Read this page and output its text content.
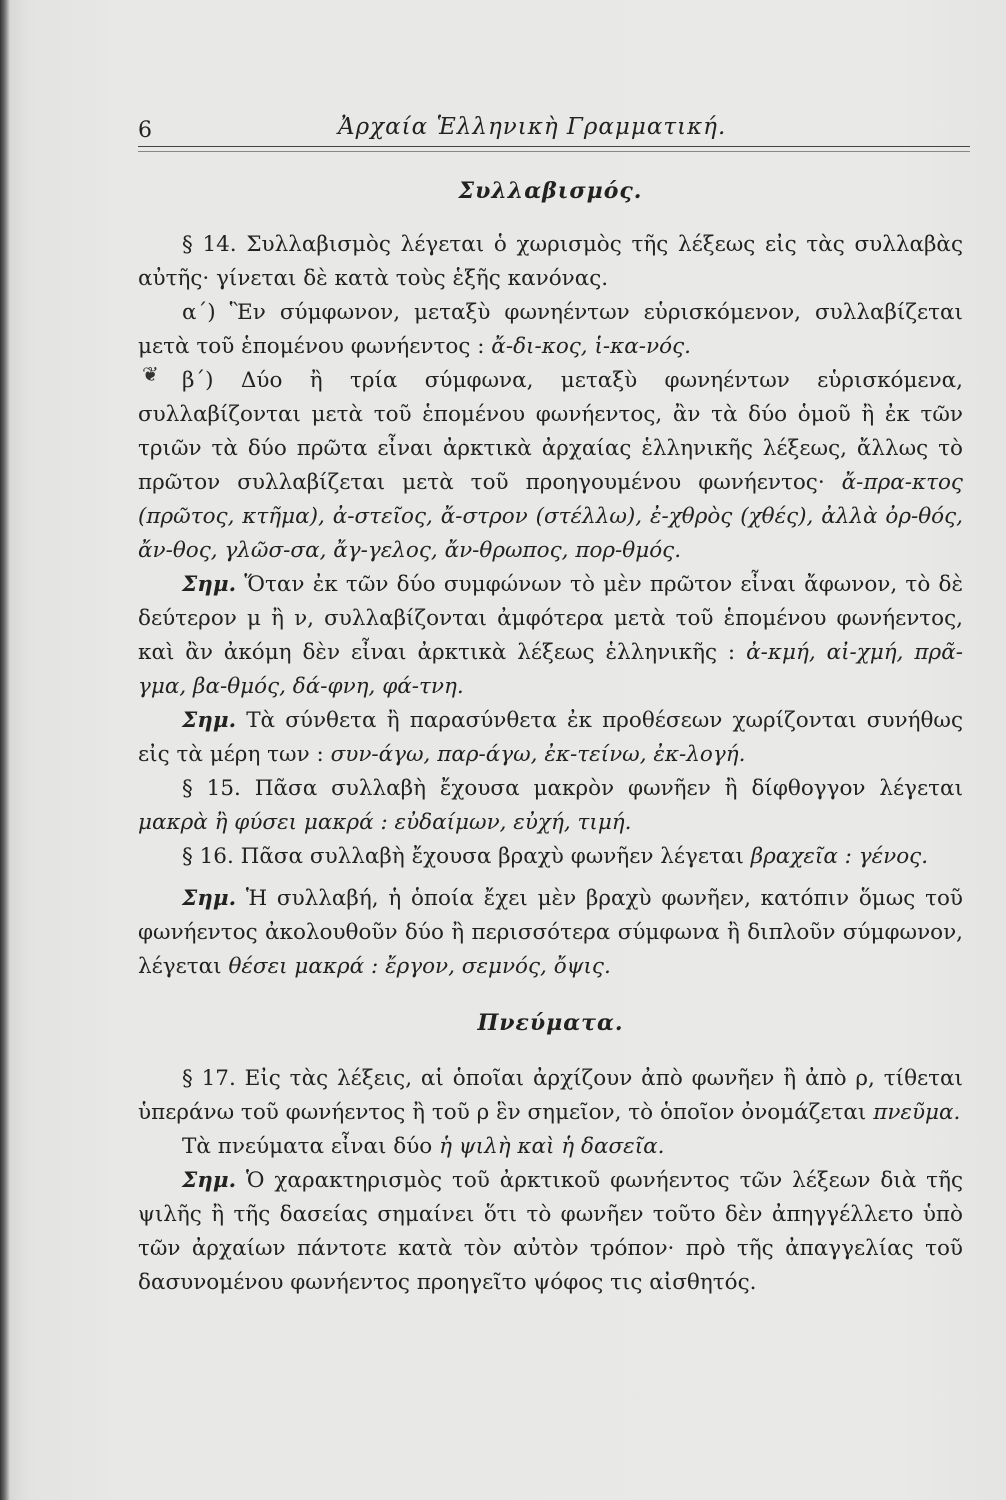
6	Ἀρχαία Ἑλληνικὴ Γραμματική.
❦
Συλλαβισμός.

§ 14. Συλλαβισμὸς λέγεται ὁ χωρισμὸς τῆς λέξεως εἰς τὰς συλλαβὰς αὐτῆς· γίνεται δὲ κατὰ τοὺς ἑξῆς κανόνας.

α΄) Ἓν σύμφωνον, μεταξὺ φωνηέντων εὑρισκόμενον, συλλαβίζεται μετὰ τοῦ ἑπομένου φωνήεντος : ἄ-δι-κος, ἱ-κα-νός.

β΄) Δύο ἢ τρία σύμφωνα, μεταξὺ φωνηέντων εὑρισκόμενα, συλλαβίζονται μετὰ τοῦ ἑπομένου φωνήεντος, ἂν τὰ δύο ὁμοῦ ἢ ἐκ τῶν τριῶν τὰ δύο πρῶτα εἶναι ἀρκτικὰ ἀρχαίας ἑλληνικῆς λέξεως, ἄλλως τὸ πρῶτον συλλαβίζεται μετὰ τοῦ προηγουμένου φωνήεντος· ἄ-πρα-κτος (πρῶτος, κτῆμα), ἀ-στεῖος, ἄ-στρον (στέλλω), ἐ-χθρὸς (χθές), ἀλλὰ ὀρ-θός, ἄν-θος, γλῶσ-σα, ἄγ-γελος, ἄν-θρωπος, πορ-θμός.

Σημ. Ὅταν ἐκ τῶν δύο συμφώνων τὸ μὲν πρῶτον εἶναι ἄφωνον, τὸ δὲ δεύτερον μ ἢ ν, συλλαβίζονται ἀμφότερα μετὰ τοῦ ἑπομένου φωνήεντος, καὶ ἂν ἀκόμη δὲν εἶναι ἀρκτικὰ λέξεως ἑλληνικῆς : ἀ-κμή, αἰ-χμή, πρᾶ-γμα, βα-θμός, δά-φνη, φά-τνη.

Σημ. Τὰ σύνθετα ἢ παρασύνθετα ἐκ προθέσεων χωρίζονται συνήθως εἰς τὰ μέρη των : συν-άγω, παρ-άγω, ἐκ-τείνω, ἐκ-λογή.

§ 15. Πᾶσα συλλαβὴ ἔχουσα μακρὸν φωνῆεν ἢ δίφθογγον λέγεται μακρὰ ἢ φύσει μακρά : εὐδαίμων, εὐχή, τιμή.

§ 16. Πᾶσα συλλαβὴ ἔχουσα βραχὺ φωνῆεν λέγεται βραχεῖα : γένος.

Σημ. Ἡ συλλαβή, ἡ ὁποία ἔχει μὲν βραχὺ φωνῆεν, κατόπιν ὅμως τοῦ φωνήεντος ἀκολουθοῦν δύο ἢ περισσότερα σύμφωνα ἢ διπλοῦν σύμφωνον, λέγεται θέσει μακρά : ἔργον, σεμνός, ὄψις.

Πνεύματα.

§ 17. Εἰς τὰς λέξεις, αἱ ὁποῖαι ἀρχίζουν ἀπὸ φωνῆεν ἢ ἀπὸ ρ, τίθεται ὑπεράνω τοῦ φωνήεντος ἢ τοῦ ρ ἓν σημεῖον, τὸ ὁποῖον ὀνομάζεται πνεῦμα.

Τὰ πνεύματα εἶναι δύο ἡ ψιλὴ καὶ ἡ δασεῖα.

Σημ. Ὁ χαρακτηρισμὸς τοῦ ἀρκτικοῦ φωνήεντος τῶν λέξεων διὰ τῆς ψιλῆς ἢ τῆς δασείας σημαίνει ὅτι τὸ φωνῆεν τοῦτο δὲν ἀπηγγέλλετο ὑπὸ τῶν ἀρχαίων πάντοτε κατὰ τὸν αὐτὸν τρόπον· πρὸ τῆς ἀπαγγελίας τοῦ δασυνομένου φωνήεντος προηγεῖτο ψόφος τις αἰσθητός.
